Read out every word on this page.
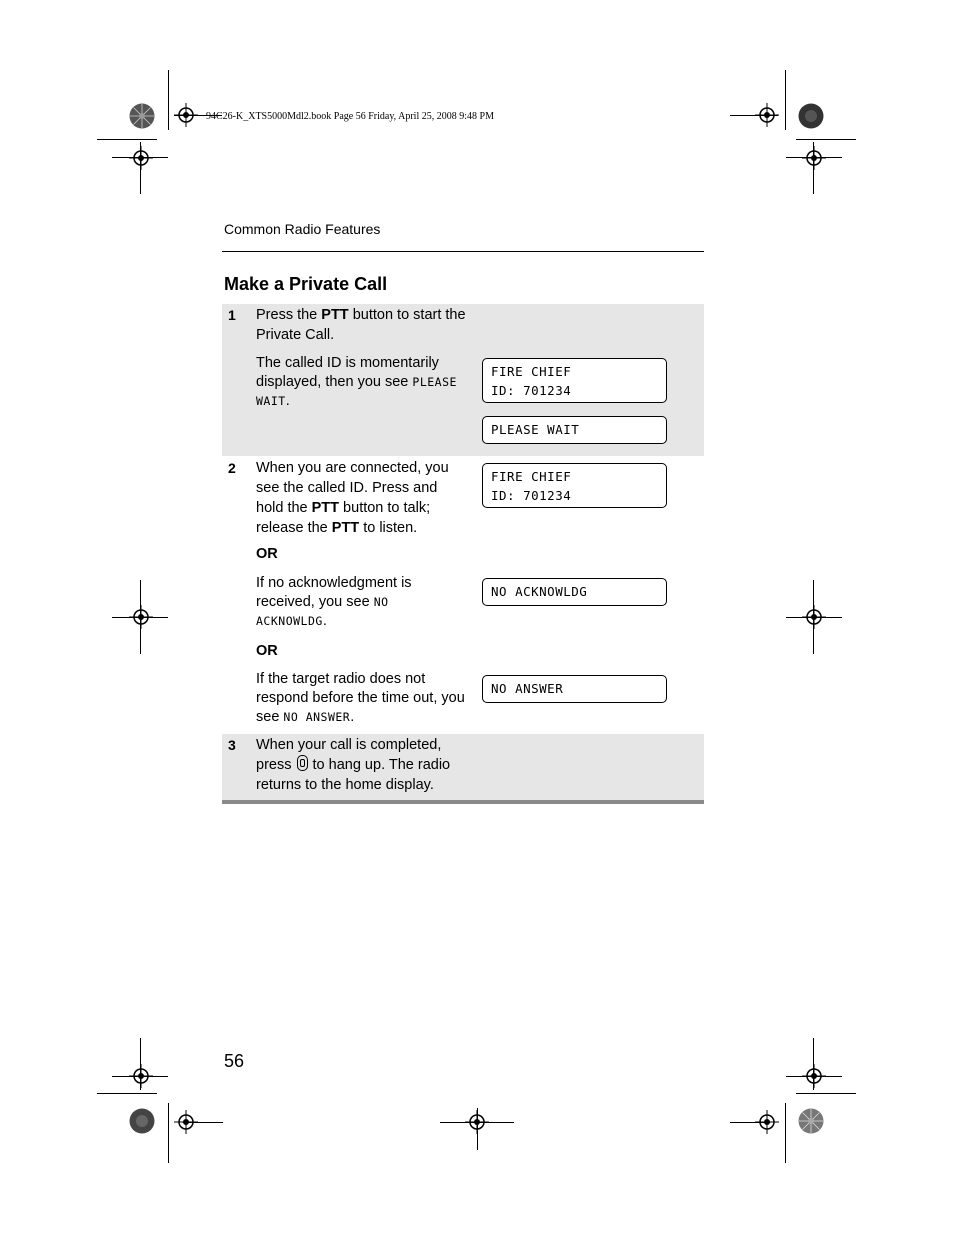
94C26-K_XTS5000Mdl2.book Page 56 Friday, April 25, 2008 9:48 PM
Common Radio Features
Make a Private Call
1 Press the PTT button to start the Private Call.
The called ID is momentarily displayed, then you see PLEASE WAIT.
FIRE CHIEF
ID: 701234
PLEASE WAIT
2 When you are connected, you see the called ID. Press and hold the PTT button to talk; release the PTT to listen.
FIRE CHIEF
ID: 701234
OR
If no acknowledgment is received, you see NO ACKNOWLDG.
NO ACKNOWLDG
OR
If the target radio does not respond before the time out, you see NO ANSWER.
NO ANSWER
3 When your call is completed, press  to hang up. The radio returns to the home display.
56
